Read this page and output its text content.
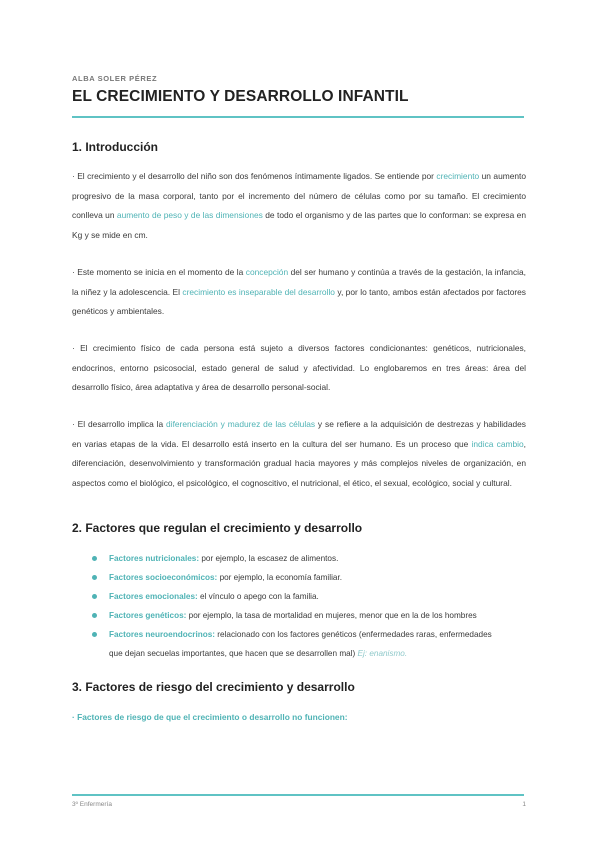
ALBA SOLER PÉREZ
EL CRECIMIENTO Y DESARROLLO INFANTIL
1. Introducción

· El crecimiento y el desarrollo del niño son dos fenómenos íntimamente ligados. Se entiende por crecimiento un aumento progresivo de la masa corporal, tanto por el incremento del número de células como por su tamaño. El crecimiento conlleva un aumento de peso y de las dimensiones de todo el organismo y de las partes que lo conforman: se expresa en Kg y se mide en cm.

· Este momento se inicia en el momento de la concepción del ser humano y continúa a través de la gestación, la infancia, la niñez y la adolescencia. El crecimiento es inseparable del desarrollo y, por lo tanto, ambos están afectados por factores genéticos y ambientales.

· El crecimiento físico de cada persona está sujeto a diversos factores condicionantes: genéticos, nutricionales, endocrinos, entorno psicosocial, estado general de salud y afectividad. Lo englobaremos en tres áreas: área del desarrollo físico, área adaptativa y área de desarrollo personal-social.

· El desarrollo implica la diferenciación y madurez de las células y se refiere a la adquisición de destrezas y habilidades en varias etapas de la vida. El desarrollo está inserto en la cultura del ser humano. Es un proceso que indica cambio, diferenciación, desenvolvimiento y transformación gradual hacia mayores y más complejos niveles de organización, en aspectos como el biológico, el psicológico, el cognoscitivo, el nutricional, el ético, el sexual, ecológico, social y cultural.

2. Factores que regulan el crecimiento y desarrollo
Factores nutricionales: por ejemplo, la escasez de alimentos.
Factores socioeconómicos: por ejemplo, la economía familiar.
Factores emocionales: el vínculo o apego con la familia.
Factores genéticos: por ejemplo, la tasa de mortalidad en mujeres, menor que en la de los hombres
Factores neuroendocrinos: relacionado con los factores genéticos (enfermedades raras, enfermedades
que dejan secuelas importantes, que hacen que se desarrollen mal) Ej: enanismo.
3. Factores de riesgo del crecimiento y desarrollo
· Factores de riesgo de que el crecimiento o desarrollo no funcionen:
3º Enfermería	1
